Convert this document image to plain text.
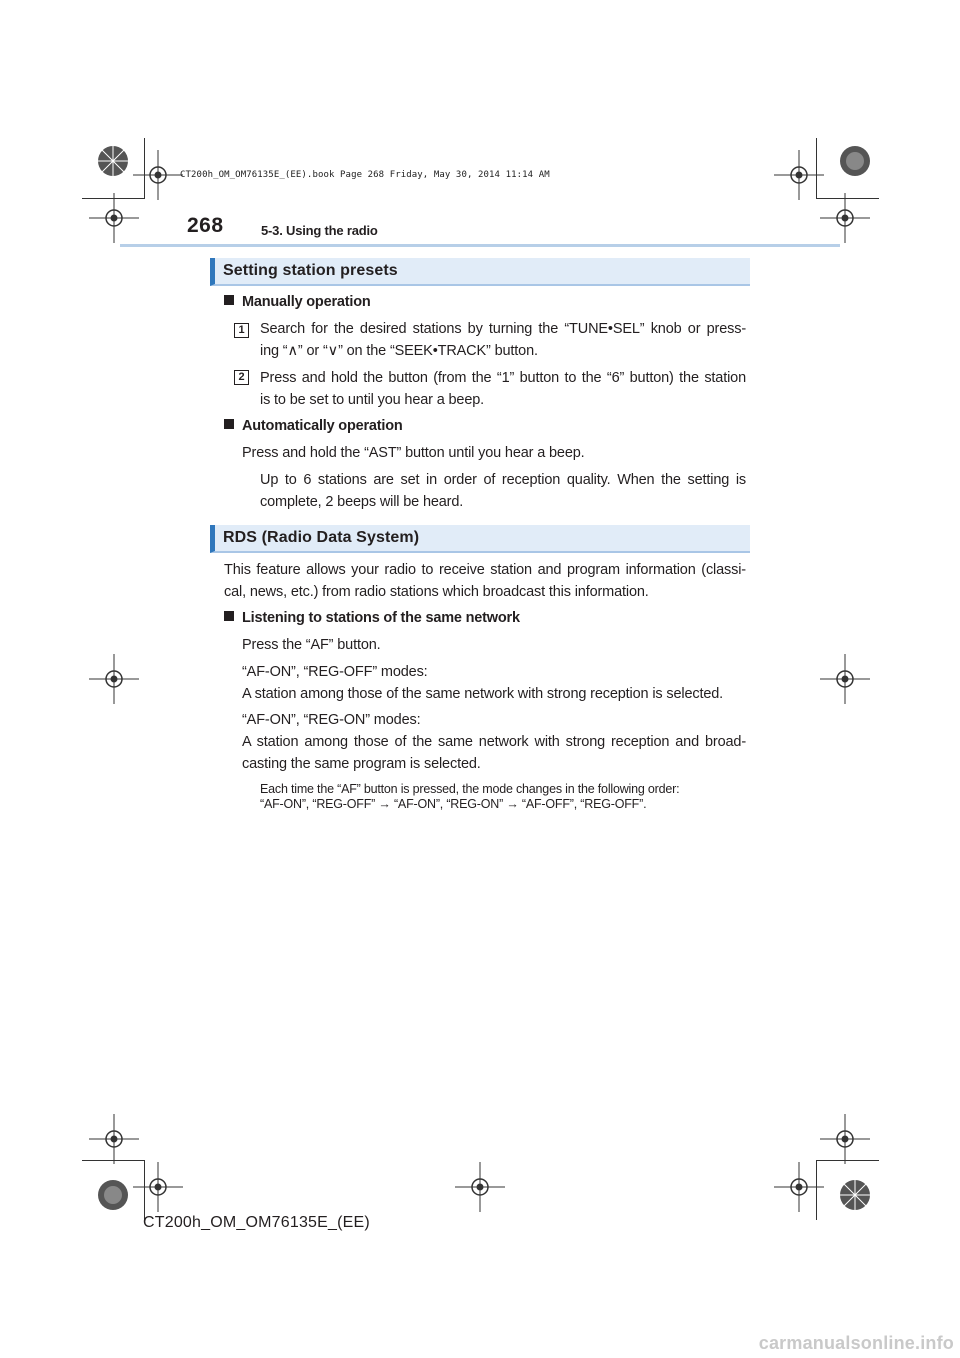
CT200h_OM_OM76135E_(EE).book Page 268 Friday, May 30, 2014 11:14 AM
268	5-3. Using the radio
Setting station presets
Manually operation
1	Search for the desired stations by turning the “TUNE•SEL” knob or press-
ing “∧” or “∨” on the “SEEK•TRACK” button.
2	Press and hold the button (from the “1” button to the “6” button) the station
is to be set to until you hear a beep.
Automatically operation
Press and hold the “AST” button until you hear a beep.
Up to 6 stations are set in order of reception quality. When the setting is
complete, 2 beeps will be heard.
RDS (Radio Data System)
This feature allows your radio to receive station and program information (classi-
cal, news, etc.) from radio stations which broadcast this information.
Listening to stations of the same network
Press the “AF” button.
“AF-ON”, “REG-OFF” modes:
A station among those of the same network with strong reception is selected.
“AF-ON”, “REG-ON” modes:
A station among those of the same network with strong reception and broad-
casting the same program is selected.
Each time the “AF” button is pressed, the mode changes in the following order:
“AF-ON”, “REG-OFF” → “AF-ON”, “REG-ON” → “AF-OFF”, “REG-OFF”.
CT200h_OM_OM76135E_(EE)
carmanualsonline.info
